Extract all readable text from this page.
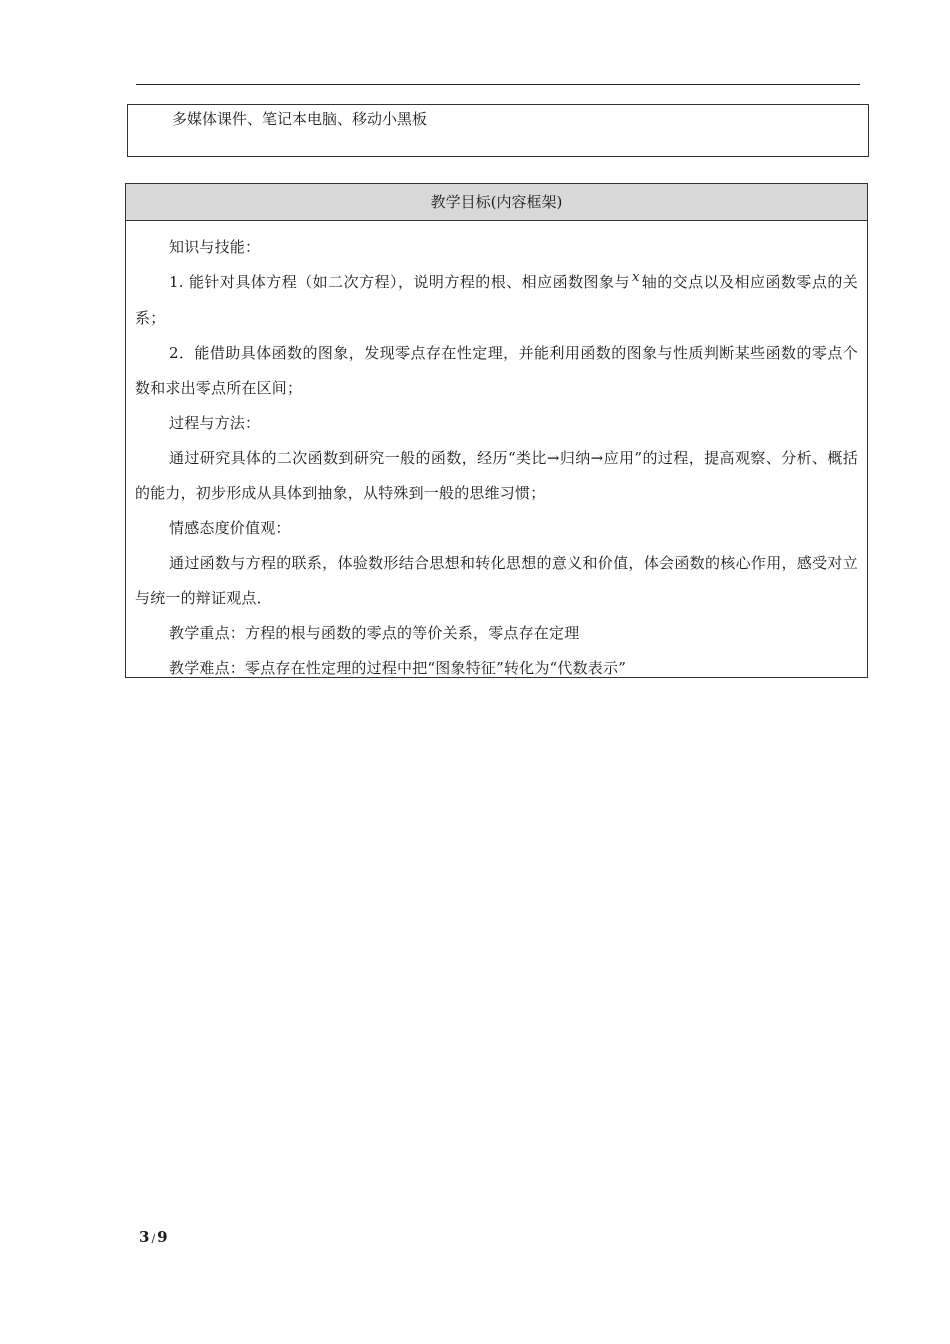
多媒体课件、笔记本电脑、移动小黑板
教学目标(内容框架)

知识与技能：

1. 能针对具体方程（如二次方程），说明方程的根、相应函数图象与 x 轴的交点以及相应函数零点的关系；

2．能借助具体函数的图象，发现零点存在性定理，并能利用函数的图象与性质判断某些函数的零点个数和求出零点所在区间；

过程与方法：

通过研究具体的二次函数到研究一般的函数，经历“类比→归纳→应用”的过程，提高观察、分析、概括的能力，初步形成从具体到抽象，从特殊到一般的思维习惯；

情感态度价值观：

通过函数与方程的联系，体验数形结合思想和转化思想的意义和价值，体会函数的核心作用，感受对立与统一的辩证观点．

教学重点：方程的根与函数的零点的等价关系，零点存在定理

教学难点：零点存在性定理的过程中把“图象特征”转化为“代数表示”

3 / 9
